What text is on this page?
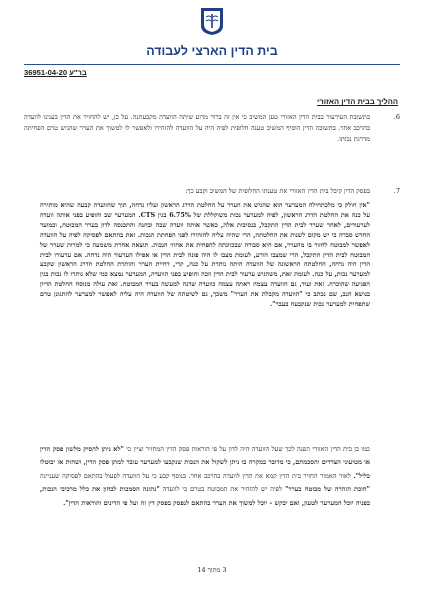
בית הדין הארצי לעבודה
36951-04-20 בר"ע
ההליך בבית הדין האזורי
6.
בתשובת העירעור בבית הדין האזורי טען המשיב כי אין זה ברור מדוע שיתה הוועדה מקבעתנה. על כן, יש להחזיר את הדין בענינו לוועדה בהרכב אחר. בתשובה הדין הוסיף המשיב טענה חלופית לפיה היה על הוועדה להזהירו ולאפשר לו למשוך את הערר שהגיש טרם הפחיתה מדרגת נכותו.
7.
בפסק הדין קיבל בית הדין האזורי את טענתו החלופית של המשיב וקבע כך:
"אין חולק כי מלכתחילה המערער הוא שהגיש את הערר על החלטת הדרג הראשון ועליו נדחה, תוך שהוועדה קבעה שהיא מותירה על כנה את החלטת הדרג הראשון, לפיה למערער נכות משוקללת של 6.75% בגין CTS. המערער שב והופיע בפני אותה וועדה לערעורים, לאחר שערר לבית הדין התקבל, בנסיבות אלה, כאשר אותה וועדה שבה ובחנה והתכנסה לדון בערר המבוטח, ובמועד החדש סברה כי יש מקום לשנות את החלטתה, הרי שהיה עליה להזהירו לפני הפחתת הנכות. זאת בהתאם לפסיקה לפיה על הוועדה לאפשר למבוטח לחזור בו מהערר, אם היא סבורה שבכוונתה להפחית את אחוזי הנכות. תוצאה אחרת משמעה כי למרות שערר של המבוטח לבית הדין התקבל, הרי שמצבו הורע, לעומת מצבו לו היה פונה לבית הדין או אפילו הערעור היה נדחה. אם ערעורו לבית הדין היה נדחה, החלטתה הראשונה של הוועדה היתה נותרת על כנה, קרי, דחיית הערר והותרת החלטת הדרג הראשון שקבע למערער נכות, על כנה. לעומת זאת, משהגיש ערעור לבית הדין וזכה והופיע בפני הוועדה, המערער נמצא כמי שלא נותרו לו נכות בגין הפגיעה שהוכרה. זאת ועוד, גם הוועדה עצמה ראתה עצמה כוועדה שדנה למעשה בערר המבוטח. זאת עולה מנוסח החלטת הדיון בנושא הגב, שם נכתב כי "הוועדה מקבלת את הערר" משכך, גם לשיטתה של הוועדה היה עליה לאפשר למערער להתגונן טרם שתפחית למערער נכות שנקבעה בעבר".
כמו כן בית הדין האזורי הפנה לכך שעל הוועדה היה לדון על פי הוראות פסק הדין המחזיר וציין כי "לא ניתן להסיק מלשון פסק הדין או מטיעוני הצדדים והסכמתם, כי מדובר במקרה בו ניתן לשקול את הנכות שנקבעו למערער עובר למתן פסק הדין, ושחות או יבוטלו כליל". לאור האמור החזיר בית הדין קמא את הדין לוועדה בהרכב אחר. בנוסף קבע כי על הוועדה לפעול בהתאם לפסיקה שעניינה "חובת הזהרה של מבוטח בערר" לפיה יש להזהיר את המבוטח בטרם כי לוועדה "נתונה הסמכות לבחון את כלל מרכיבי הנכות, בפניה יוכל המערער לטעון, ואם יבקש - יוכל למשוך את הערר בהתאם לנפסק בפסק דין זה ועל פי הדינים והוראות הדין".
3 מתוך 14
